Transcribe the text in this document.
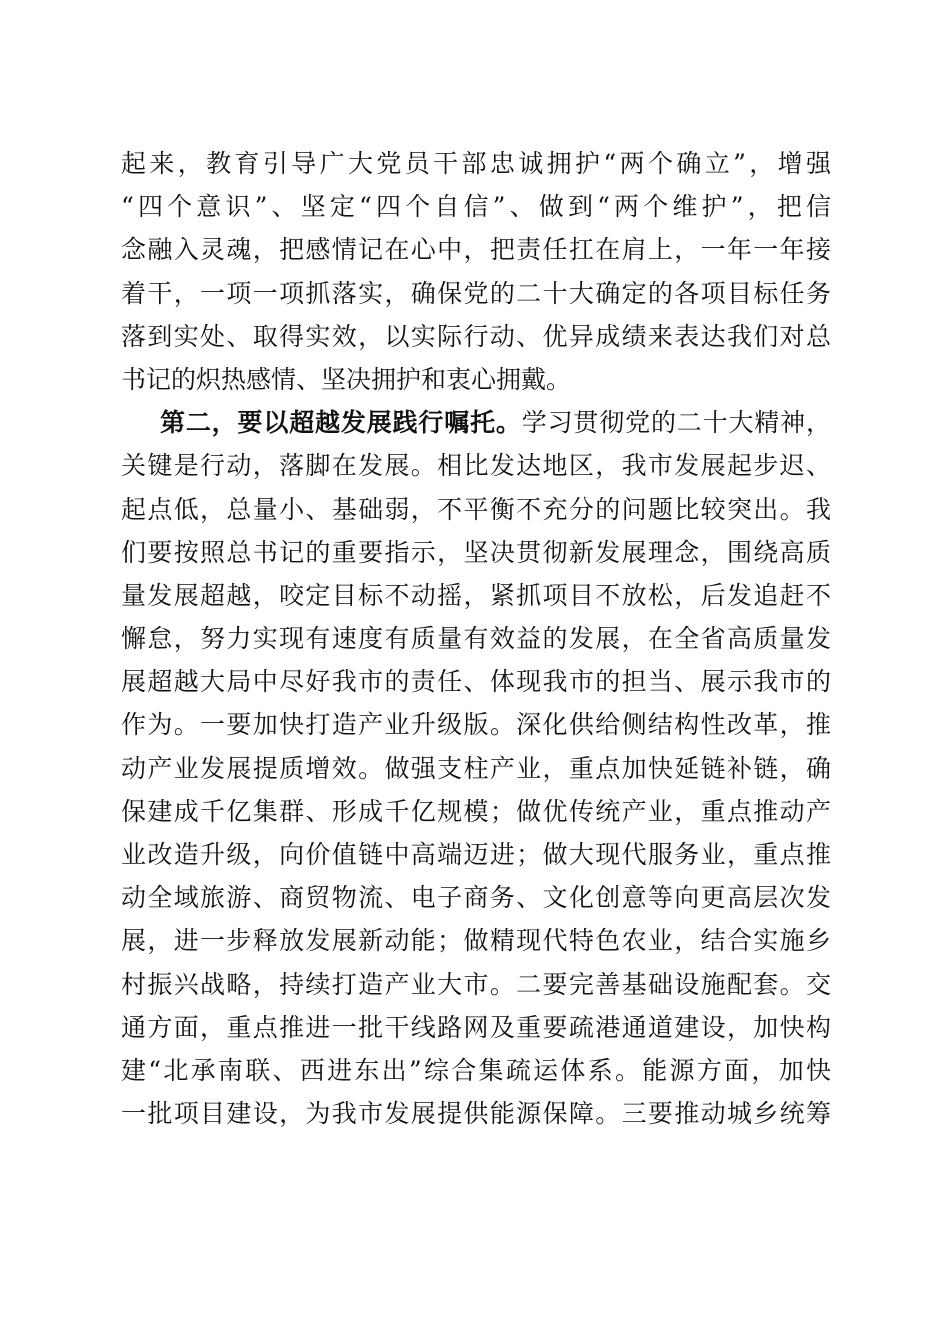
起来，教育引导广大党员干部忠诚拥护“两个确立”，增强
“四个意识”、坚定“四个自信”、做到“两个维护”，把信
念融入灵魂，把感情记在心中，把责任扛在肩上，一年一年接
着干，一项一项抓落实，确保党的二十大确定的各项目标任务
落到实处、取得实效，以实际行动、优异成绩来表达我们对总
书记的炽热感情、坚决拥护和衷心拥戴。
第二，要以超越发展践行嘱托。学习贯彻党的二十大精神，
关键是行动，落脚在发展。相比发达地区，我市发展起步迟、
起点低，总量小、基础弱，不平衡不充分的问题比较突出。我
们要按照总书记的重要指示，坚决贯彻新发展理念，围绕高质
量发展超越，咬定目标不动摇，紧抓项目不放松，后发追赶不
懈怠，努力实现有速度有质量有效益的发展，在全省高质量发
展超越大局中尽好我市的责任、体现我市的担当、展示我市的
作为。一要加快打造产业升级版。深化供给侧结构性改革，推
动产业发展提质增效。做强支柱产业，重点加快延链补链，确
保建成千亿集群、形成千亿规模；做优传统产业，重点推动产
业改造升级，向价值链中高端迈进；做大现代服务业，重点推
动全域旅游、商贸物流、电子商务、文化创意等向更高层次发
展，进一步释放发展新动能；做精现代特色农业，结合实施乡
村振兴战略，持续打造产业大市。二要完善基础设施配套。交
通方面，重点推进一批干线路网及重要疏港通道建设，加快构
建“北承南联、西进东出”综合集疏运体系。能源方面，加快
一批项目建设，为我市发展提供能源保障。三要推动城乡统筹
